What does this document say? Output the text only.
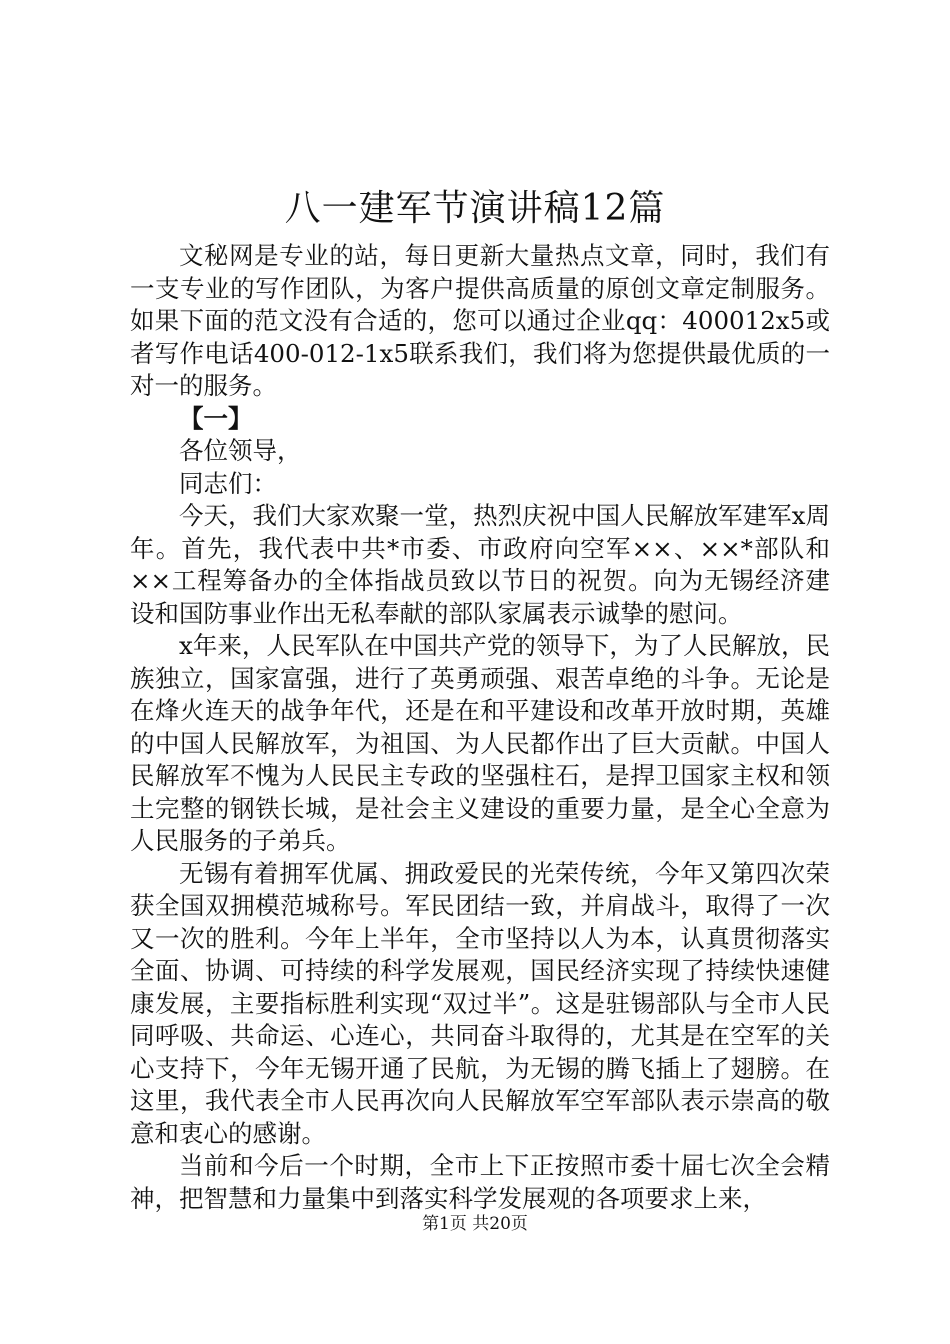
八一建军节演讲稿12篇

文秘网是专业的站，每日更新大量热点文章，同时，我们有一支专业的写作团队，为客户提供高质量的原创文章定制服务。如果下面的范文没有合适的，您可以通过企业qq：400012x5或者写作电话400-012-1x5联系我们，我们将为您提供最优质的一对一的服务。

【一】

各位领导，

同志们：

今天，我们大家欢聚一堂，热烈庆祝中国人民解放军建军x周年。首先，我代表中共*市委、市政府向空军××、××*部队和××工程筹备办的全体指战员致以节日的祝贺。向为无锡经济建设和国防事业作出无私奉献的部队家属表示诚挚的慰问。

x年来，人民军队在中国共产党的领导下，为了人民解放，民族独立，国家富强，进行了英勇顽强、艰苦卓绝的斗争。无论是在烽火连天的战争年代，还是在和平建设和改革开放时期，英雄的中国人民解放军，为祖国、为人民都作出了巨大贡献。中国人民解放军不愧为人民民主专政的坚强柱石，是捍卫国家主权和领土完整的钢铁长城，是社会主义建设的重要力量，是全心全意为人民服务的子弟兵。

无锡有着拥军优属、拥政爱民的光荣传统，今年又第四次荣获全国双拥模范城称号。军民团结一致，并肩战斗，取得了一次又一次的胜利。今年上半年，全市坚持以人为本，认真贯彻落实全面、协调、可持续的科学发展观，国民经济实现了持续快速健康发展，主要指标胜利实现“双过半”。这是驻锡部队与全市人民同呼吸、共命运、心连心，共同奋斗取得的，尤其是在空军的关心支持下，今年无锡开通了民航，为无锡的腾飞插上了翅膀。在这里，我代表全市人民再次向人民解放军空军部队表示崇高的敬意和衷心的感谢。

当前和今后一个时期，全市上下正按照市委十届七次全会精神，把智慧和力量集中到落实科学发展观的各项要求上来，

第1页 共20页
